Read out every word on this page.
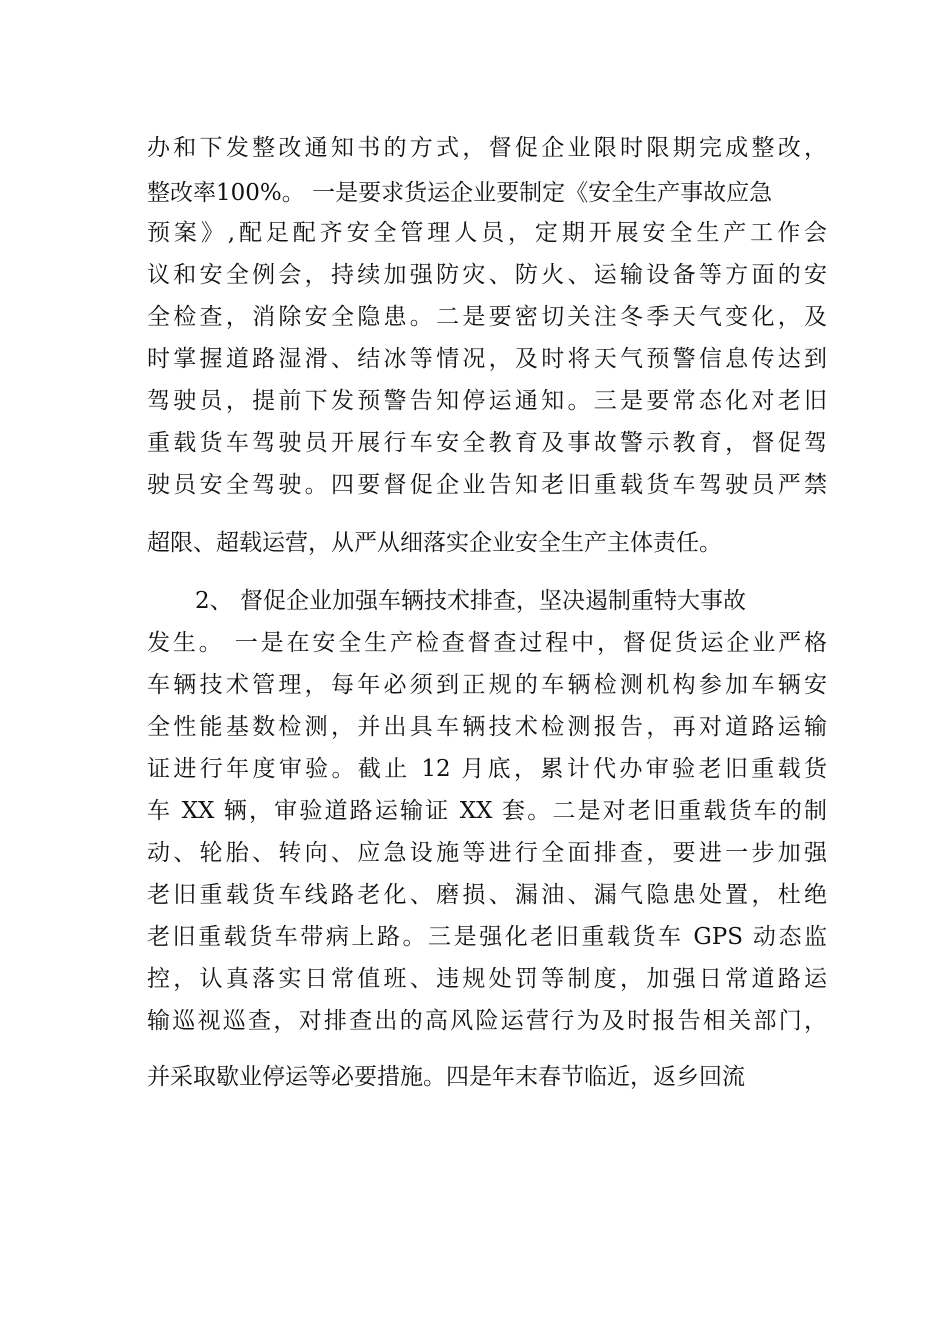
办和下发整改通知书的方式，督促企业限时限期完成整改，
整改率100%。 一是要求货运企业要制定《安全生产事故应急
预案》,配足配齐安全管理人员，定期开展安全生产工作会
议和安全例会，持续加强防灾、防火、运输设备等方面的安
全检查，消除安全隐患。二是要密切关注冬季天气变化，及
时掌握道路湿滑、结冰等情况，及时将天气预警信息传达到
驾驶员，提前下发预警告知停运通知。三是要常态化对老旧
重载货车驾驶员开展行车安全教育及事故警示教育，督促驾
驶员安全驾驶。四要督促企业告知老旧重载货车驾驶员严禁
超限、超载运营，从严从细落实企业安全生产主体责任。
2、 督促企业加强车辆技术排查，坚决遏制重特大事故
发生。 一是在安全生产检查督查过程中，督促货运企业严格
车辆技术管理，每年必须到正规的车辆检测机构参加车辆安
全性能基数检测，并出具车辆技术检测报告，再对道路运输
证进行年度审验。截止 12 月底，累计代办审验老旧重载货
车 XX 辆，审验道路运输证 XX 套。二是对老旧重载货车的制
动、轮胎、转向、应急设施等进行全面排查，要进一步加强
老旧重载货车线路老化、磨损、漏油、漏气隐患处置，杜绝
老旧重载货车带病上路。三是强化老旧重载货车 GPS 动态监
控，认真落实日常值班、违规处罚等制度，加强日常道路运
输巡视巡查，对排查出的高风险运营行为及时报告相关部门，
并采取歇业停运等必要措施。四是年末春节临近，返乡回流
